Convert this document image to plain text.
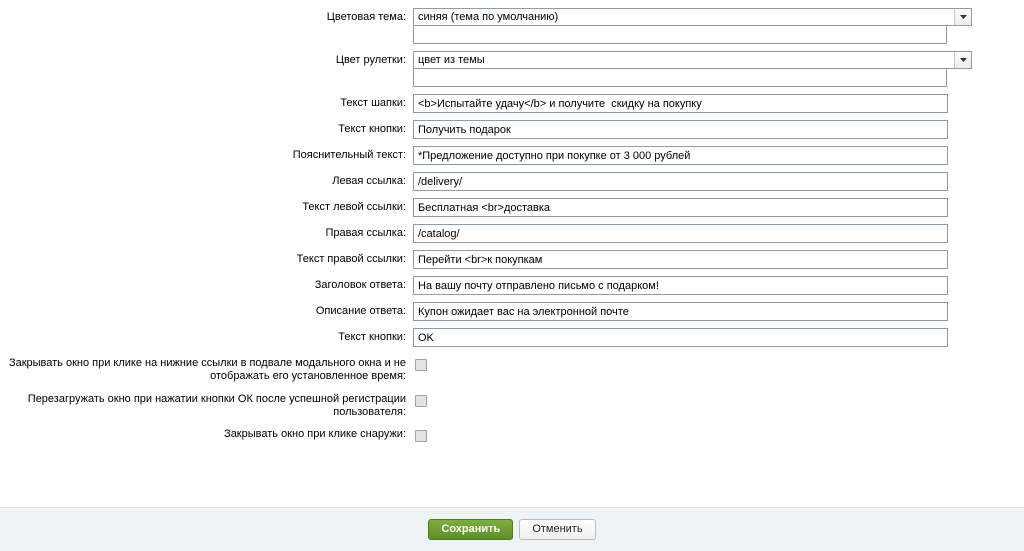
Цветовая тема:
синяя (тема по умолчанию)
Цвет рулетки:
цвет из темы
Текст шапки:
<b>Испытайте удачу</b> и получите скидку на покупку
Текст кнопки:
Получить подарок
Пояснительный текст:
*Предложение доступно при покупке от 3 000 рублей
Левая ссылка:
/delivery/
Текст левой ссылки:
Бесплатная <br>доставка
Правая ссылка:
/catalog/
Текст правой ссылки:
Перейти <br>к покупкам
Заголовок ответа:
На вашу почту отправлено письмо с подарком!
Описание ответа:
Купон ожидает вас на электронной почте
Текст кнопки:
OK
Закрывать окно при клике на нижние ссылки в подвале модального окна и не отображать его установленное время:
Перезагружать окно при нажатии кнопки ОК после успешной регистрации пользователя:
Закрывать окно при клике снаружи:
Сохранить	Отменить
